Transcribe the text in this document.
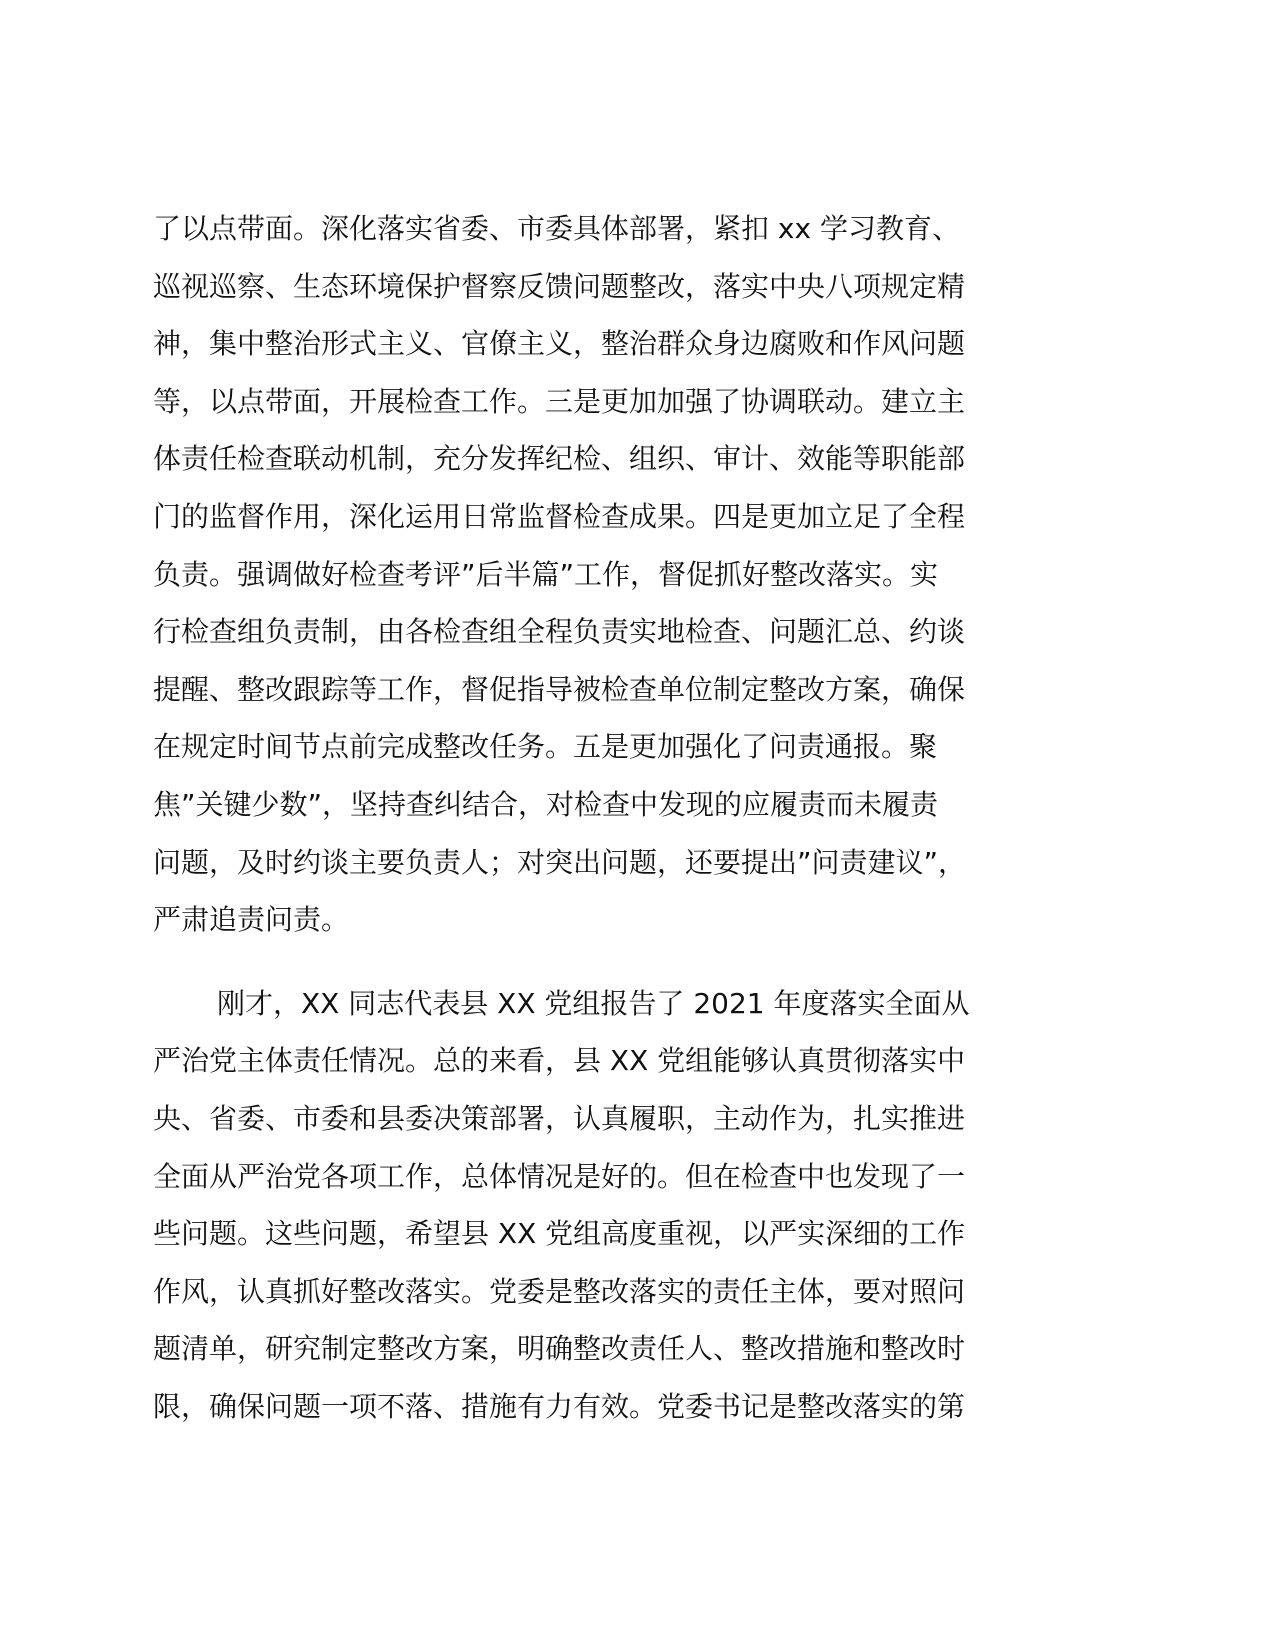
了以点带面。深化落实省委、市委具体部署，紧扣 xx 学习教育、
巡视巡察、生态环境保护督察反馈问题整改，落实中央八项规定精
神，集中整治形式主义、官僚主义，整治群众身边腐败和作风问题
等，以点带面，开展检查工作。三是更加加强了协调联动。建立主
体责任检查联动机制，充分发挥纪检、组织、审计、效能等职能部
门的监督作用，深化运用日常监督检查成果。四是更加立足了全程
负责。强调做好检查考评”后半篇”工作，督促抓好整改落实。实
行检查组负责制，由各检查组全程负责实地检查、问题汇总、约谈
提醒、整改跟踪等工作，督促指导被检查单位制定整改方案，确保
在规定时间节点前完成整改任务。五是更加强化了问责通报。聚
焦”关键少数”，坚持查纠结合，对检查中发现的应履责而未履责
问题，及时约谈主要负责人；对突出问题，还要提出”问责建议”，
严肃追责问责。
刚才，XX 同志代表县 XX 党组报告了 2021 年度落实全面从
严治党主体责任情况。总的来看，县 XX 党组能够认真贯彻落实中
央、省委、市委和县委决策部署，认真履职，主动作为，扎实推进
全面从严治党各项工作，总体情况是好的。但在检查中也发现了一
些问题。这些问题，希望县 XX 党组高度重视，以严实深细的工作
作风，认真抓好整改落实。党委是整改落实的责任主体，要对照问
题清单，研究制定整改方案，明确整改责任人、整改措施和整改时
限，确保问题一项不落、措施有力有效。党委书记是整改落实的第
